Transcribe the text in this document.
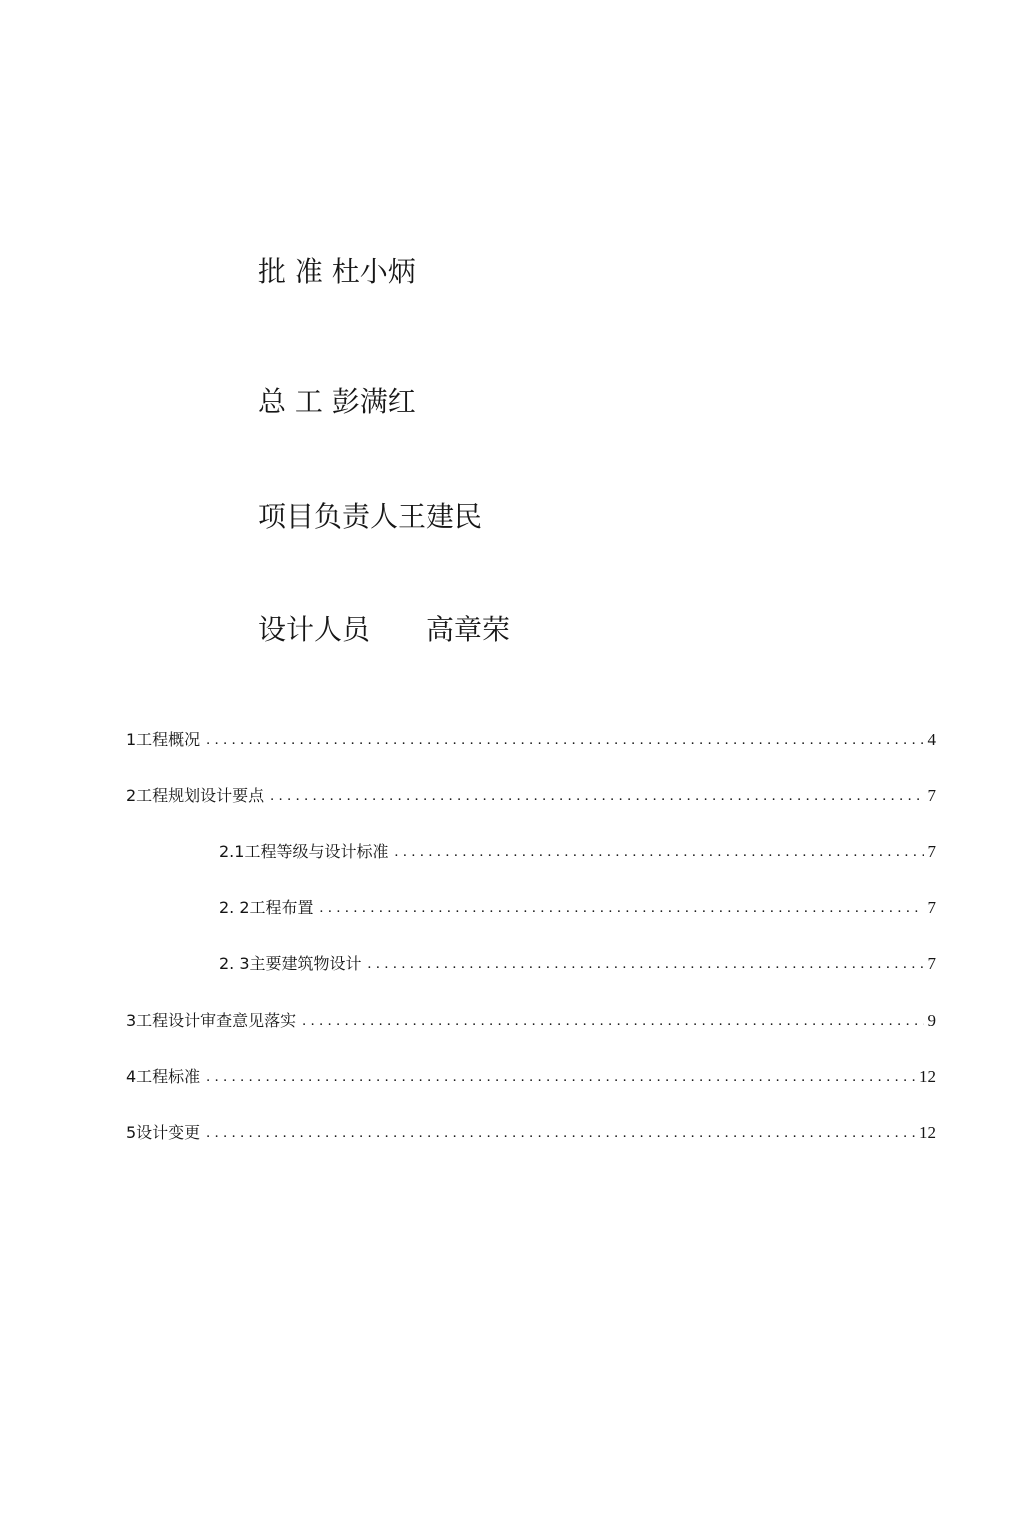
批 准 杜小炳
总 工 彭满红
项目负责人王建民
设计人员　　高章荣
1工程概况 . . .	4
2工程规划设计要点 . . .	7
2.1工程等级与设计标准 . . .	7
2. 2工程布置 . . .	7
2. 3主要建筑物设计 . . .	7
3工程设计审查意见落实 . . .	9
4工程标准 . . .	12
5设计变更 . . .	12
